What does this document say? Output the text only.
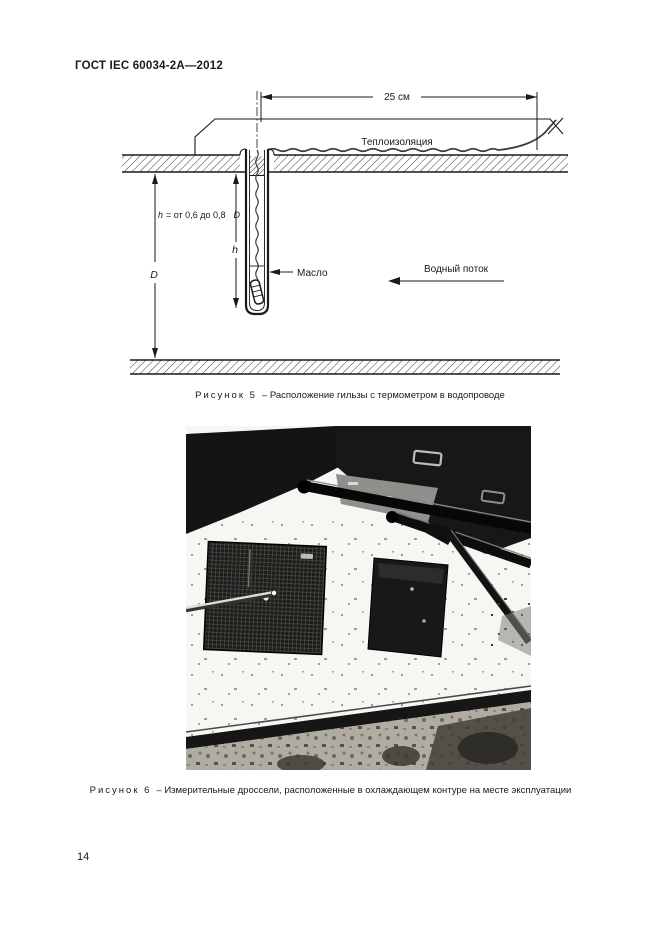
ГОСТ IEC 60034-2А—2012
Теплоизоляция
25 см
D
h
h = от 0,6 до 0,8 D
Масло	Водный поток
Рисунок 5 – Расположение гильзы с термометром в водопроводе
Рисунок 6 – Измерительные дроссели, расположенные в охлаждающем контуре на месте эксплуатации
14
